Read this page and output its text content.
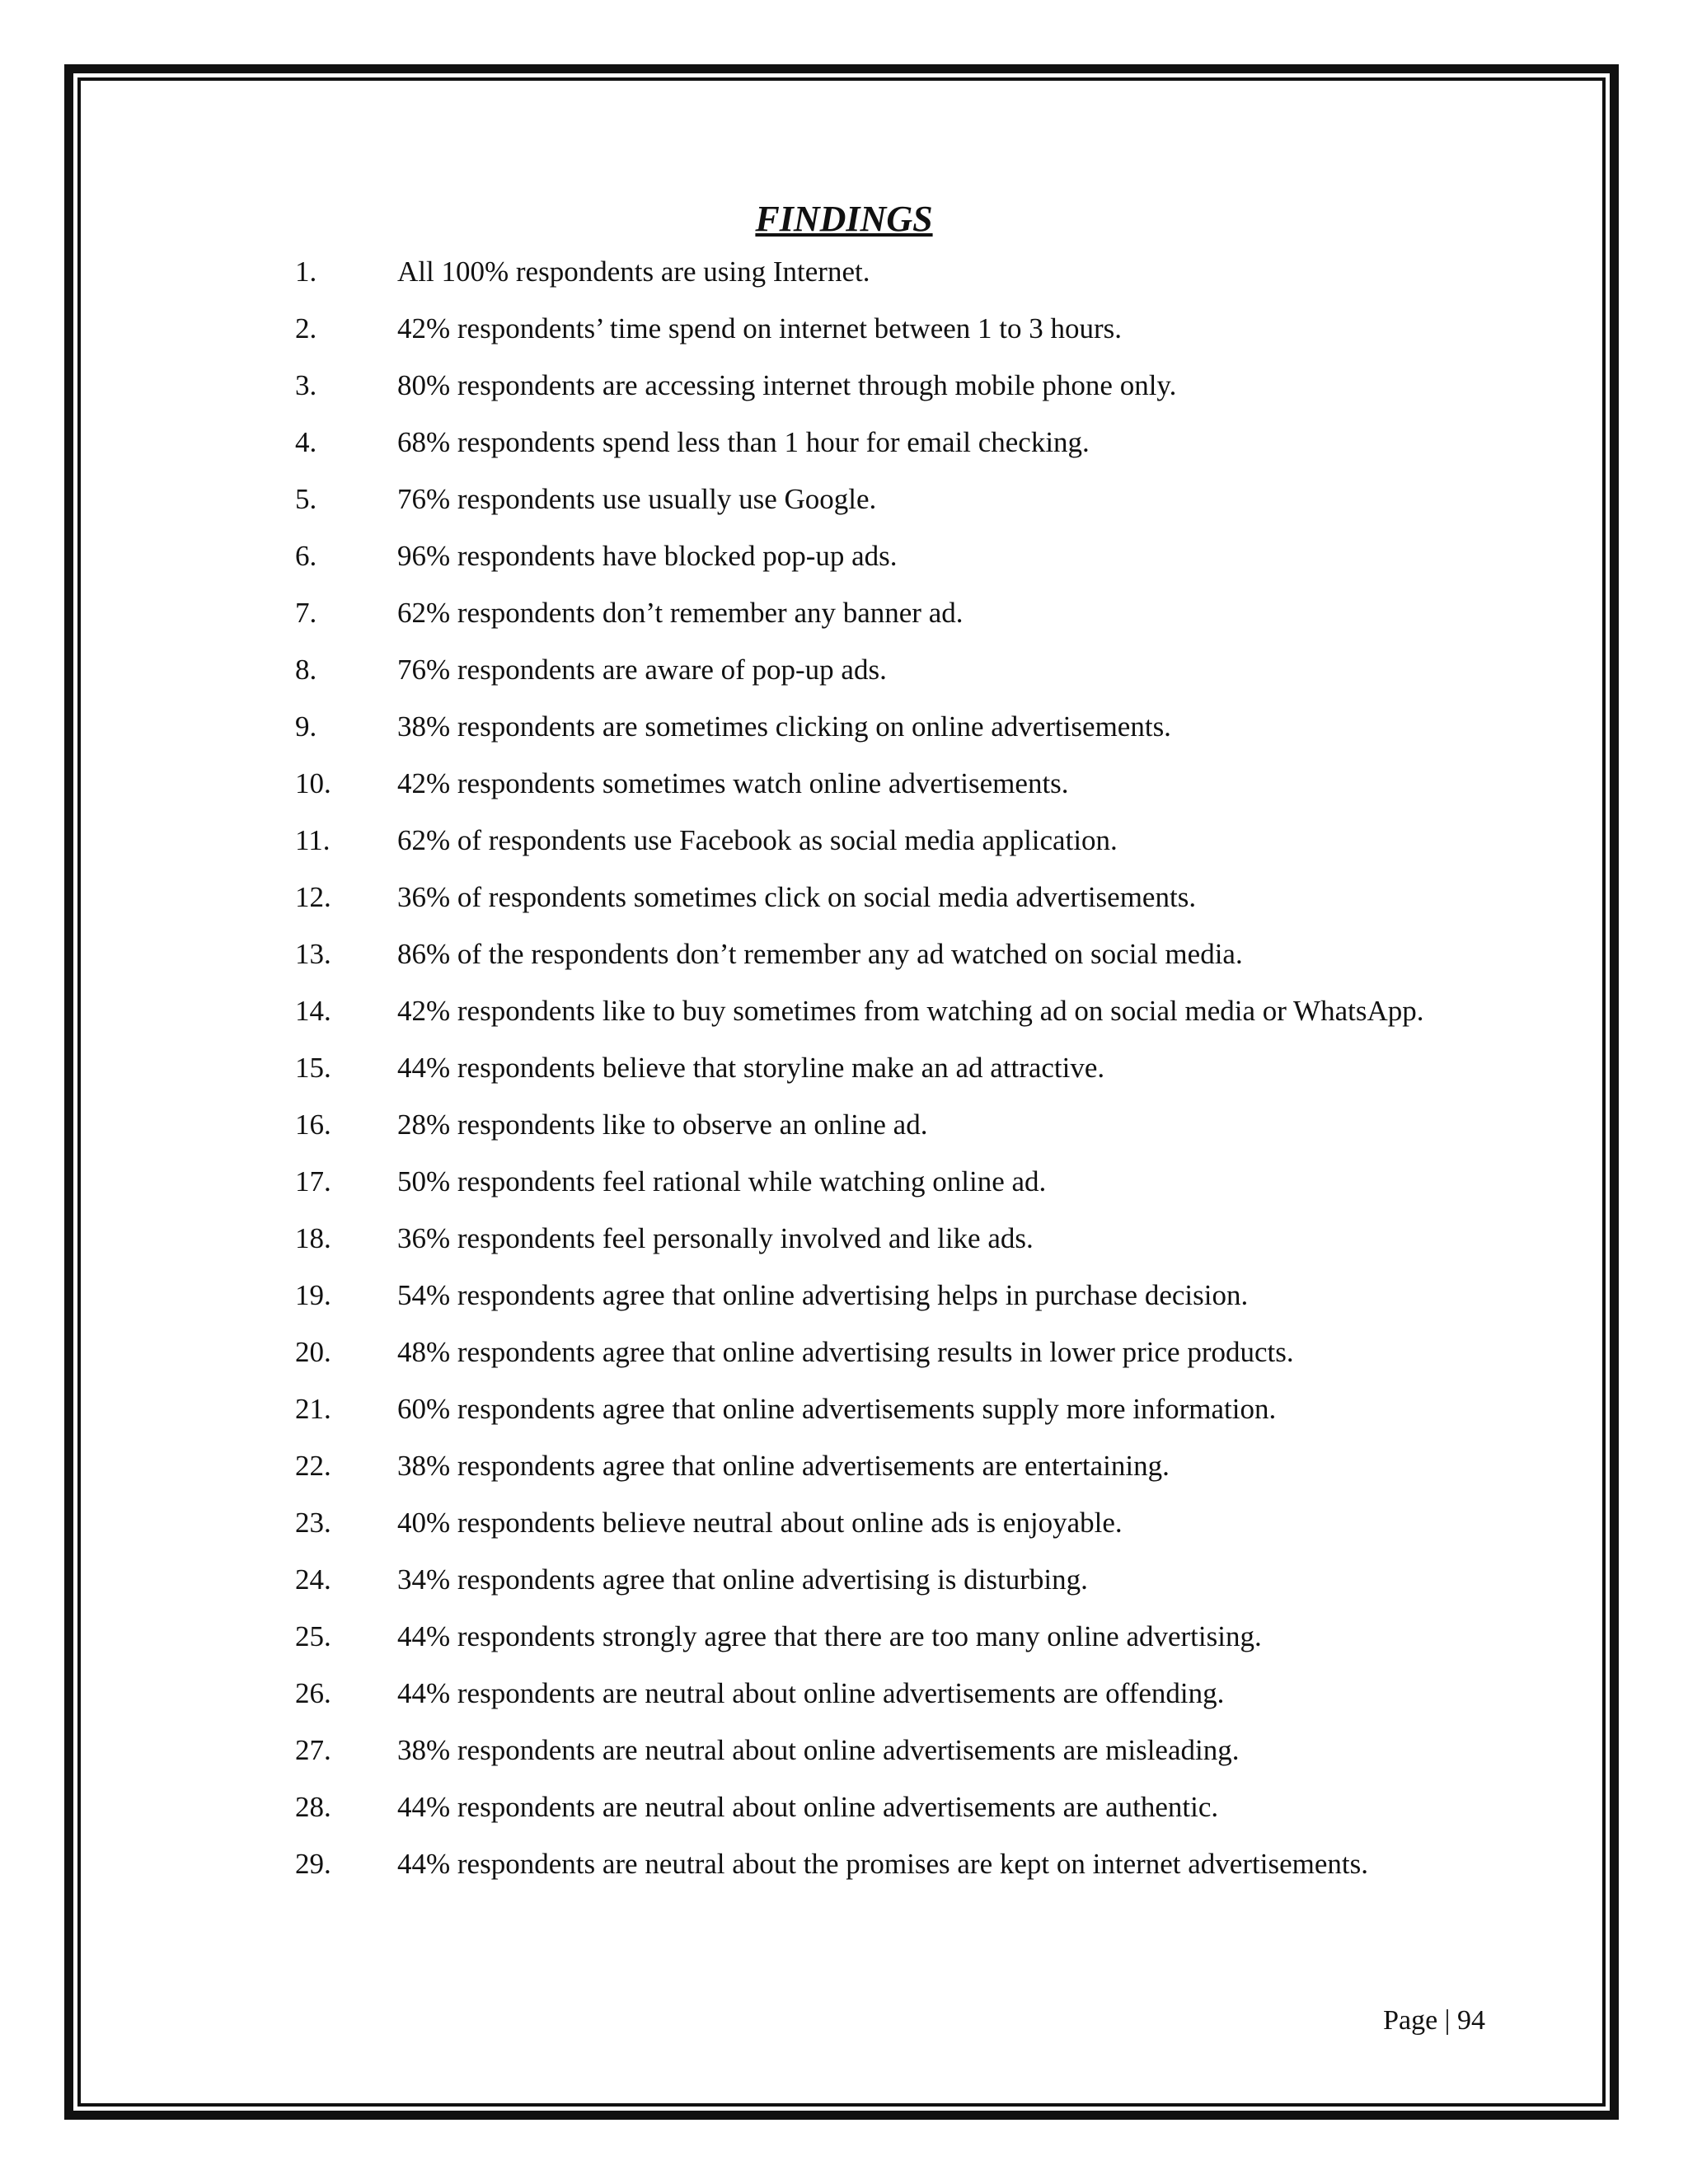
FINDINGS
1.	All 100% respondents are using Internet.
2.	42% respondents’ time spend on internet between 1 to 3 hours.
3.	80% respondents are accessing internet through mobile phone only.
4.	68% respondents spend less than 1 hour for email checking.
5.	76% respondents use usually use Google.
6.	96% respondents have blocked pop-up ads.
7.	62% respondents don’t remember any banner ad.
8.	76% respondents are aware of pop-up ads.
9.	38% respondents are sometimes clicking on online advertisements.
10.	42% respondents sometimes watch online advertisements.
11.	62% of respondents use Facebook as social media application.
12.	36% of respondents sometimes click on social media advertisements.
13.	86% of the respondents don’t remember any ad watched on social media.
14.	42% respondents like to buy sometimes from watching ad on social media or WhatsApp.
15.	44% respondents believe that storyline make an ad attractive.
16.	28% respondents like to observe an online ad.
17.	50% respondents feel rational while watching online ad.
18.	36% respondents feel personally involved and like ads.
19.	54% respondents agree that online advertising helps in purchase decision.
20.	48% respondents agree that online advertising results in lower price products.
21.	60% respondents agree that online advertisements supply more information.
22.	38% respondents agree that online advertisements are entertaining.
23.	40% respondents believe neutral about online ads is enjoyable.
24.	34% respondents agree that online advertising is disturbing.
25.	44% respondents strongly agree that there are too many online advertising.
26.	44% respondents are neutral about online advertisements are offending.
27.	38% respondents are neutral about online advertisements are misleading.
28.	44% respondents are neutral about online advertisements are authentic.
29.	44% respondents are neutral about the promises are kept on internet advertisements.
Page | 94
